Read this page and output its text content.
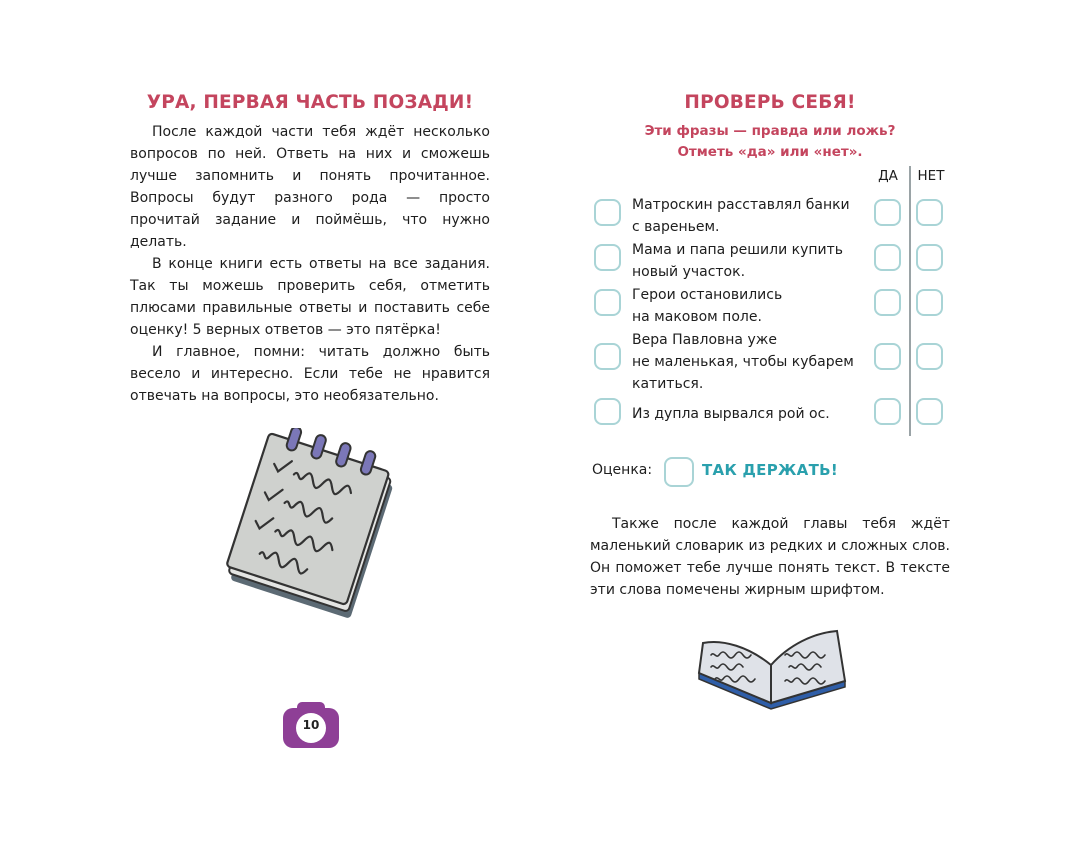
УРА, ПЕРВАЯ ЧАСТЬ ПОЗАДИ!

После каждой части тебя ждёт несколько вопросов по ней. Ответь на них и сможешь лучше запомнить и понять прочитанное. Вопросы будут разного рода — просто прочитай задание и поймёшь, что нужно делать.

В конце книги есть ответы на все задания. Так ты можешь проверить себя, отметить плюсами правильные ответы и поставить себе оценку! 5 верных ответов — это пятёрка!

И главное, помни: читать должно быть весело и интересно. Если тебе не нравится отвечать на вопросы, это необязательно.

10
ПРОВЕРЬ СЕБЯ!
Эти фразы — правда или ложь?
Отметь «да» или «нет».
ДА	НЕТ
Матроскин расставлял банки
с вареньем.
Мама и папа решили купить
новый участок.
Герои остановились
на маковом поле.
Вера Павловна уже
не маленькая, чтобы кубарем
катиться.
Из дупла вырвался рой ос.
Оценка:	ТАК ДЕРЖАТЬ!

Также после каждой главы тебя ждёт маленький словарик из редких и сложных слов. Он поможет тебе лучше понять текст. В тексте эти слова помечены жирным шрифтом.
